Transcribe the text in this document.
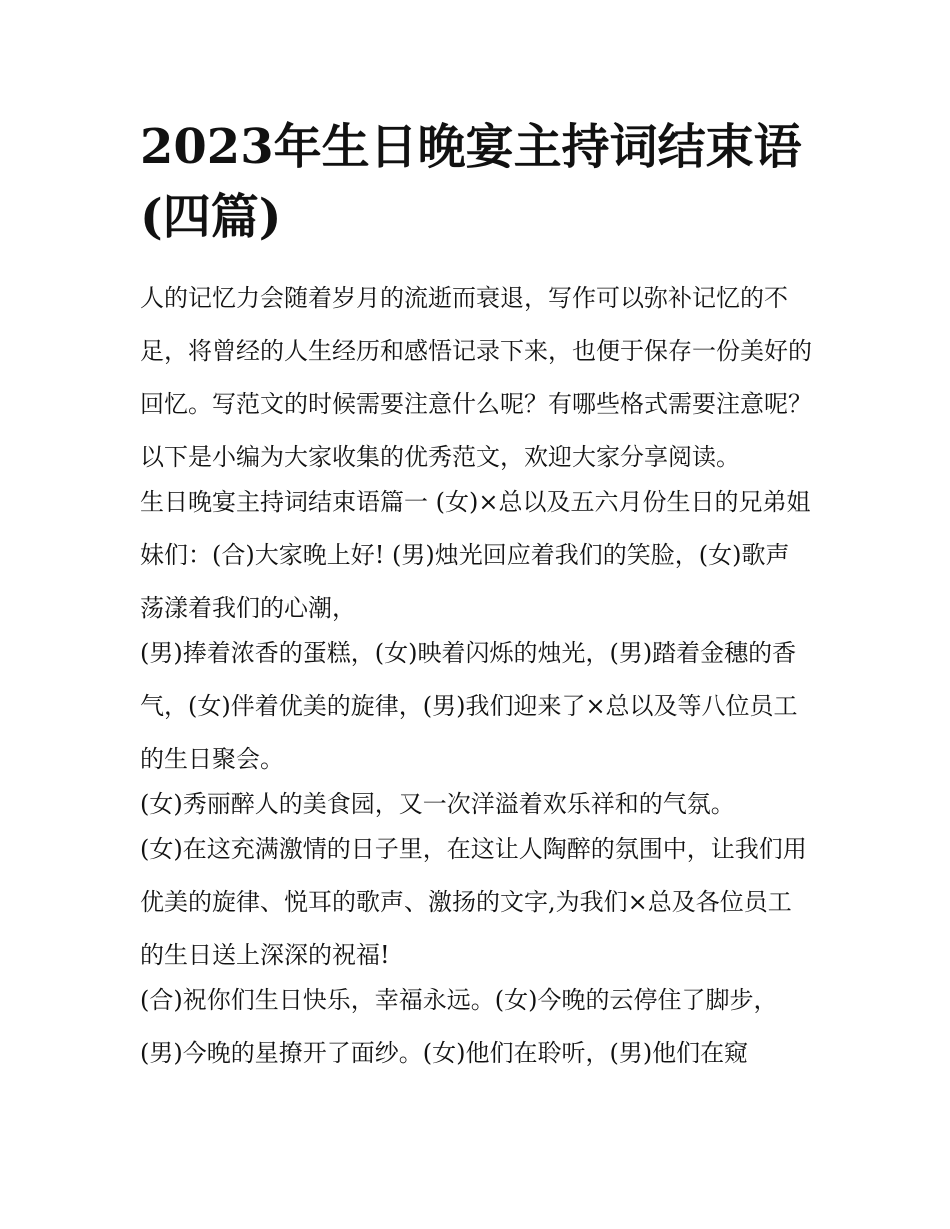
2023年生日晚宴主持词结束语(四篇)

人的记忆力会随着岁月的流逝而衰退，写作可以弥补记忆的不足，将曾经的人生经历和感悟记录下来，也便于保存一份美好的回忆。写范文的时候需要注意什么呢？有哪些格式需要注意呢？以下是小编为大家收集的优秀范文，欢迎大家分享阅读。

生日晚宴主持词结束语篇一 (女)×总以及五六月份生日的兄弟姐妹们：(合)大家晚上好! (男)烛光回应着我们的笑脸，(女)歌声荡漾着我们的心潮，

(男)捧着浓香的蛋糕，(女)映着闪烁的烛光，(男)踏着金穗的香气，(女)伴着优美的旋律，(男)我们迎来了×总以及等八位员工的生日聚会。

(女)秀丽醉人的美食园，又一次洋溢着欢乐祥和的气氛。

(女)在这充满激情的日子里，在这让人陶醉的氛围中，让我们用优美的旋律、悦耳的歌声、激扬的文字,为我们×总及各位员工的生日送上深深的祝福!

(合)祝你们生日快乐，幸福永远。(女)今晚的云停住了脚步，(男)今晚的星撩开了面纱。(女)他们在聆听，(男)他们在窥
